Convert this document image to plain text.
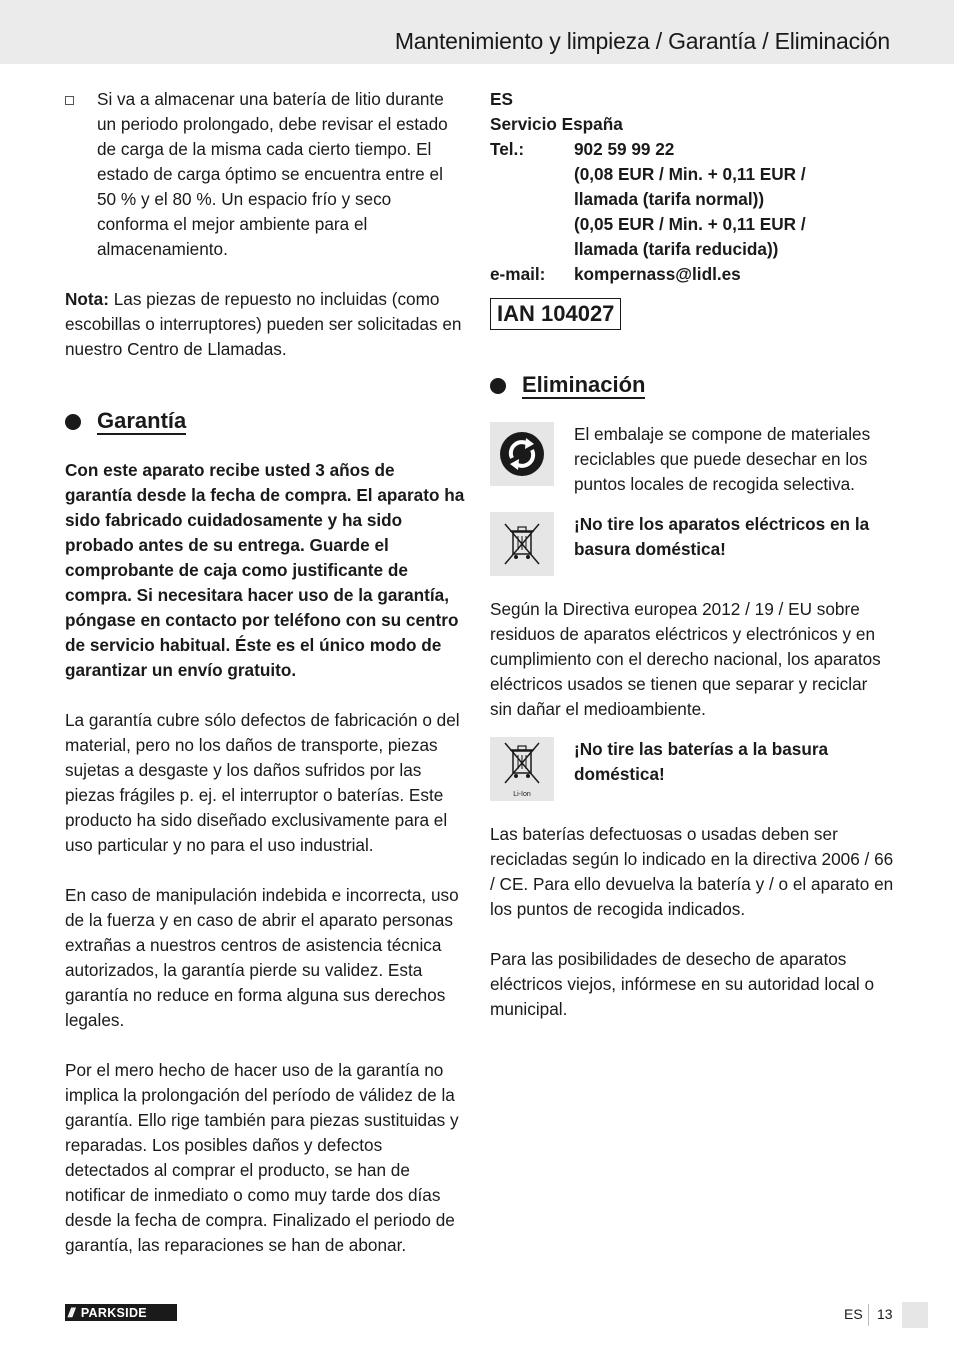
Mantenimiento y limpieza / Garantía / Eliminación

Si va a almacenar una batería de litio durante un periodo prolongado, debe revisar el estado de carga de la misma cada cierto tiempo. El estado de carga óptimo se encuentra entre el 50 % y el 80 %. Un espacio frío y seco conforma el mejor ambiente para el almacenamiento.

Nota: Las piezas de repuesto no incluidas (como escobillas o interruptores) pueden ser solicitadas en nuestro Centro de Llamadas.

Garantía

Con este aparato recibe usted 3 años de garantía desde la fecha de compra. El aparato ha sido fabricado cuidadosamente y ha sido probado antes de su entrega. Guarde el comprobante de caja como justificante de compra. Si necesitara hacer uso de la garantía, póngase en contacto por teléfono con su centro de servicio habitual. Éste es el único modo de garantizar un envío gratuito.

La garantía cubre sólo defectos de fabricación o del material, pero no los daños de transporte, piezas sujetas a desgaste y los daños sufridos por las piezas frágiles p. ej. el interruptor o baterías. Este producto ha sido diseñado exclusivamente para el uso particular y no para el uso industrial.

En caso de manipulación indebida e incorrecta, uso de la fuerza y en caso de abrir el aparato personas extrañas a nuestros centros de asistencia técnica autorizados, la garantía pierde su validez. Esta garantía no reduce en forma alguna sus derechos legales.

Por el mero hecho de hacer uso de la garantía no implica la prolongación del período de válidez de la garantía. Ello rige también para piezas sustituidas y reparadas. Los posibles daños y defectos detectados al comprar el producto, se han de notificar de inmediato o como muy tarde dos días desde la fecha de compra. Finalizado el periodo de garantía, las reparaciones se han de abonar.

ES
Servicio España
Tel.:	902 59 99 22
(0,08 EUR / Min. + 0,11 EUR /
llamada (tarifa normal))
(0,05 EUR / Min. + 0,11 EUR /
llamada (tarifa reducida))
e-mail:	kompernass@lidl.es
IAN 104027
Eliminación

El embalaje se compone de materiales reciclables que puede desechar en los puntos locales de recogida selectiva.

¡No tire los aparatos eléctricos en la basura doméstica!

Según la Directiva europea 2012 / 19 / EU sobre residuos de aparatos eléctricos y electrónicos y en cumplimiento con el derecho nacional, los aparatos eléctricos usados se tienen que separar y reciclar sin dañar el medioambiente.

Li-Ion

¡No tire las baterías a la basura doméstica!

Las baterías defectuosas o usadas deben ser recicladas según lo indicado en la directiva 2006 / 66 / CE. Para ello devuelva la batería y / o el aparato en los puntos de recogida indicados.

Para las posibilidades de desecho de aparatos eléctricos viejos, infórmese en su autoridad local o municipal.

/// PARKSIDE	ES 13
